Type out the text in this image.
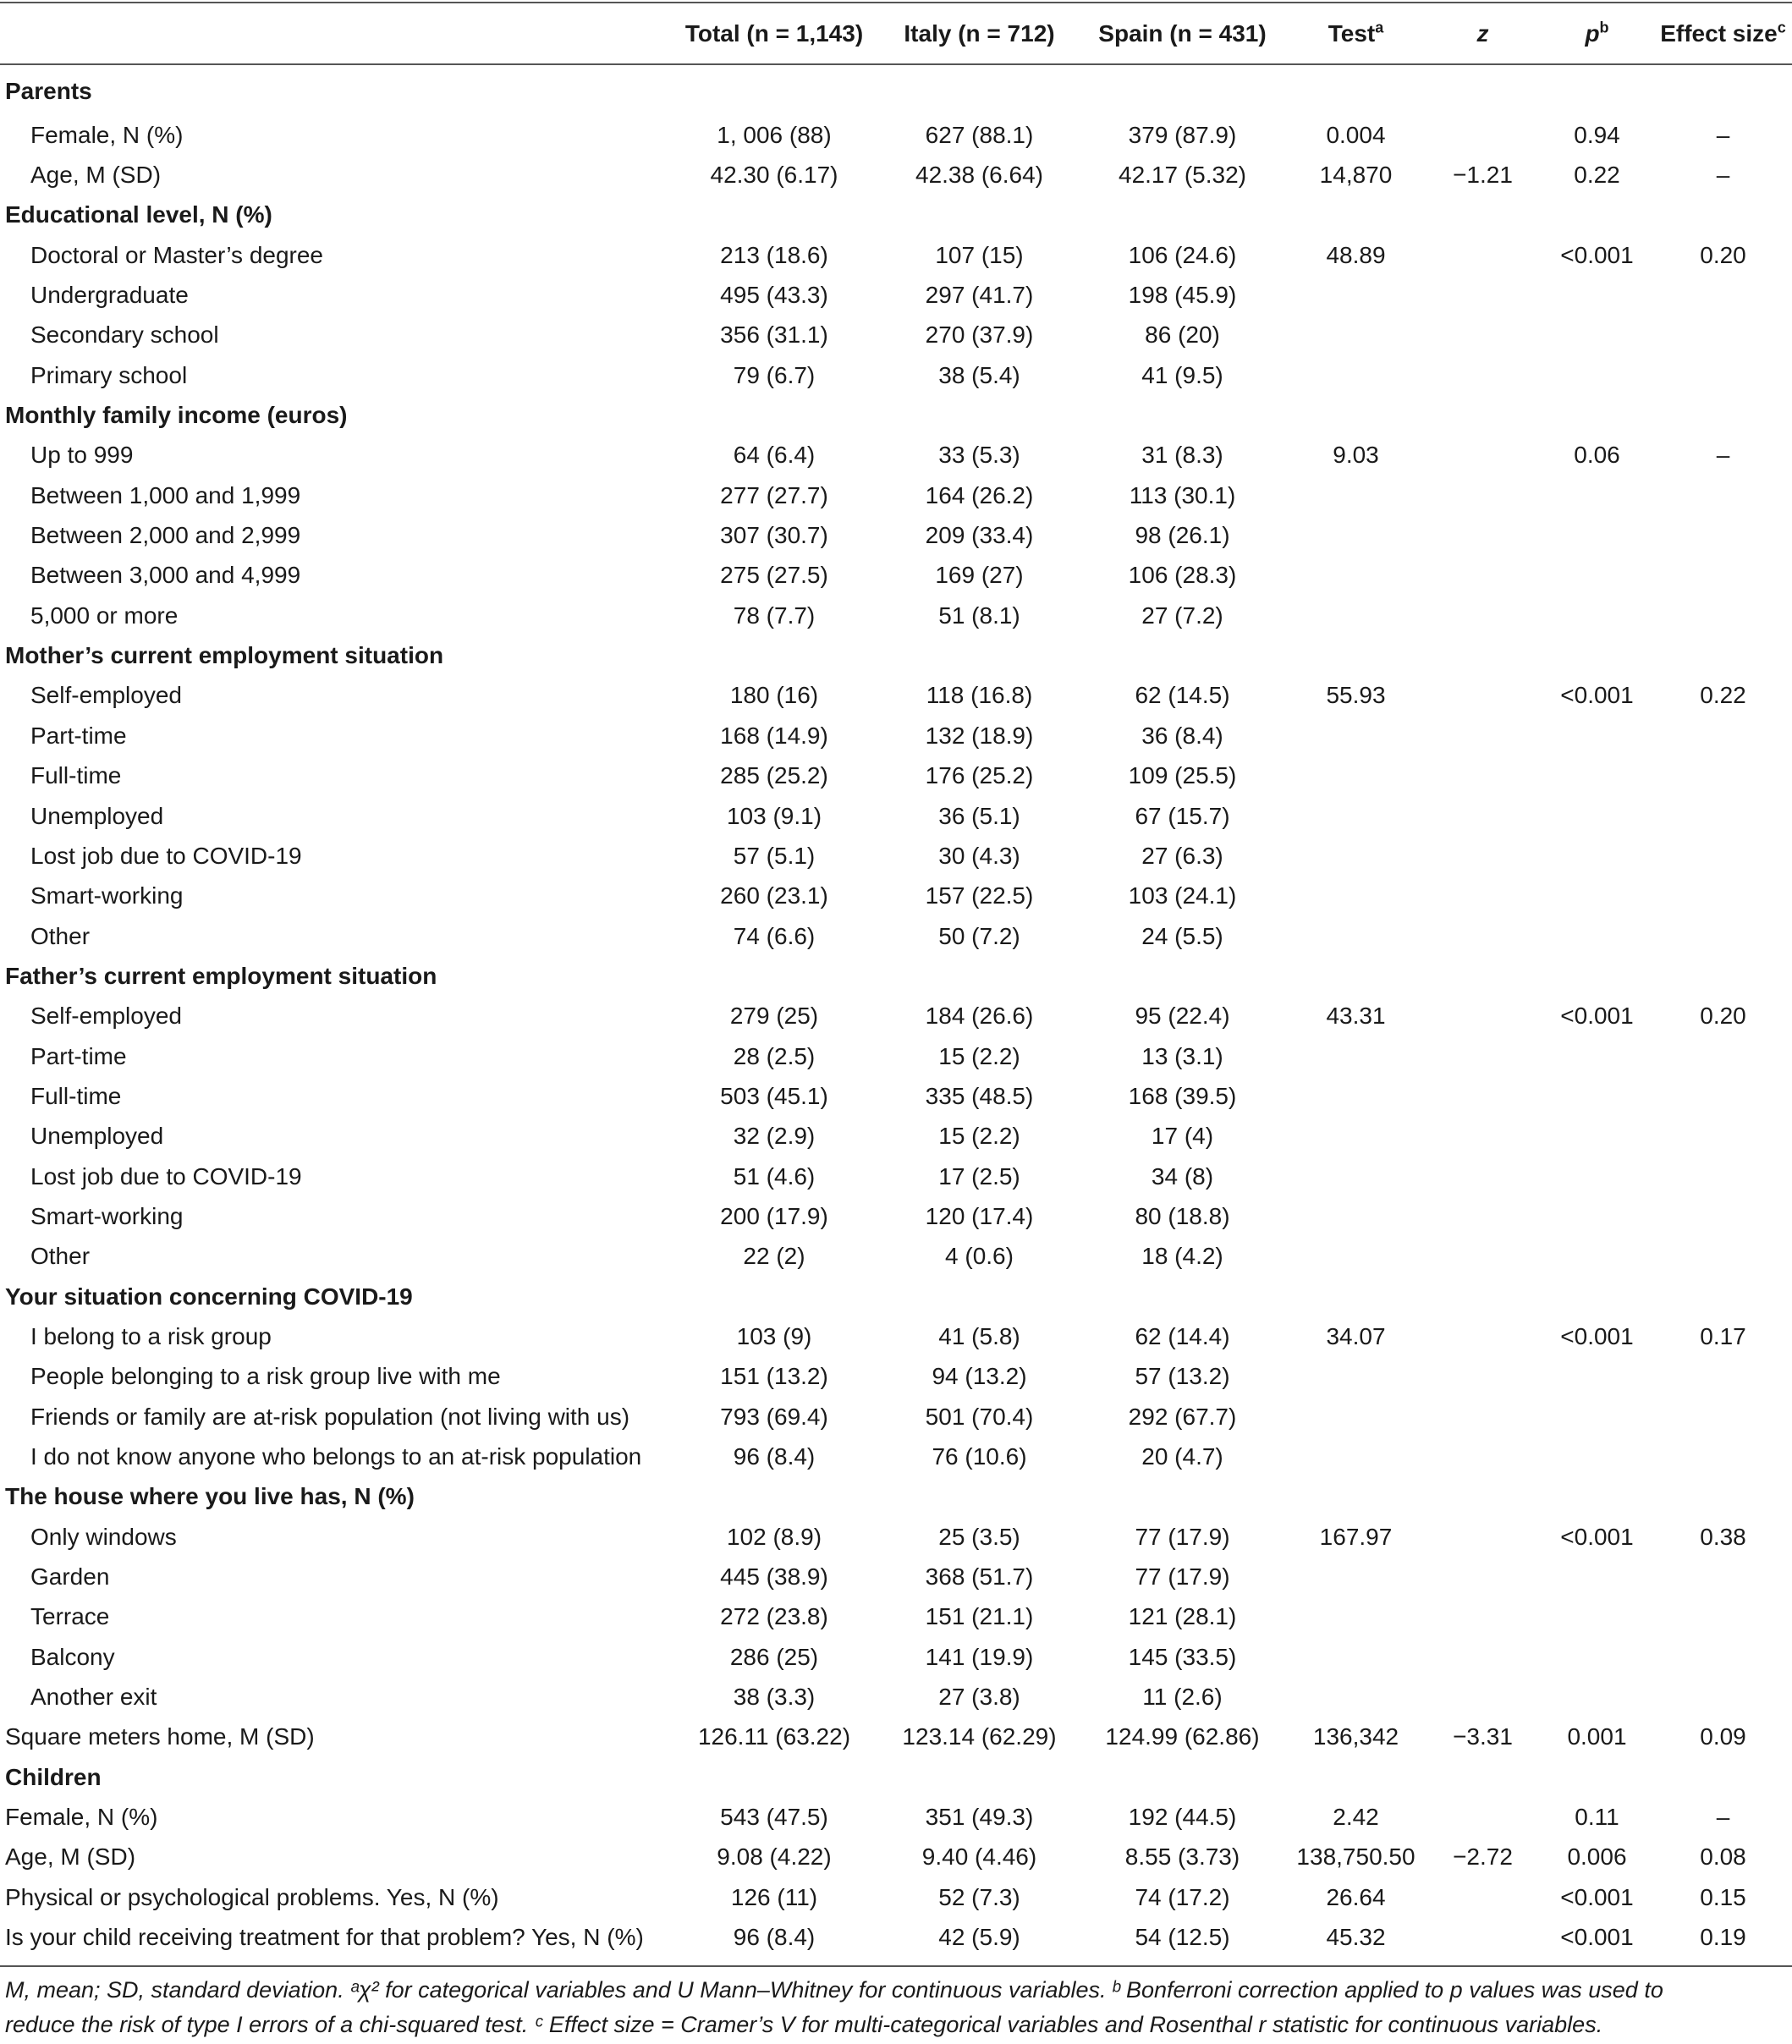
	Total (n = 1,143)	Italy (n = 712)	Spain (n = 431)	Test$^a$	z	$p^b$	Effect size$^c$
Parents							
Female, N (%)	1, 006 (88)	627 (88.1)	379 (87.9)	0.004		0.94	–
Age, M (SD)	42.30 (6.17)	42.38 (6.64)	42.17 (5.32)	14,870	−1.21	0.22	–
Educational level, N (%)							
Doctoral or Master’s degree	213 (18.6)	107 (15)	106 (24.6)	48.89		<0.001	0.20
Undergraduate	495 (43.3)	297 (41.7)	198 (45.9)				
Secondary school	356 (31.1)	270 (37.9)	86 (20)				
Primary school	79 (6.7)	38 (5.4)	41 (9.5)				
Monthly family income (euros)							
Up to 999	64 (6.4)	33 (5.3)	31 (8.3)	9.03		0.06	–
Between 1,000 and 1,999	277 (27.7)	164 (26.2)	113 (30.1)				
Between 2,000 and 2,999	307 (30.7)	209 (33.4)	98 (26.1)				
Between 3,000 and 4,999	275 (27.5)	169 (27)	106 (28.3)				
5,000 or more	78 (7.7)	51 (8.1)	27 (7.2)				
Mother’s current employment situation							
Self-employed	180 (16)	118 (16.8)	62 (14.5)	55.93		<0.001	0.22
Part-time	168 (14.9)	132 (18.9)	36 (8.4)				
Full-time	285 (25.2)	176 (25.2)	109 (25.5)				
Unemployed	103 (9.1)	36 (5.1)	67 (15.7)				
Lost job due to COVID-19	57 (5.1)	30 (4.3)	27 (6.3)				
Smart-working	260 (23.1)	157 (22.5)	103 (24.1)				
Other	74 (6.6)	50 (7.2)	24 (5.5)				
Father’s current employment situation							
Self-employed	279 (25)	184 (26.6)	95 (22.4)	43.31		<0.001	0.20
Part-time	28 (2.5)	15 (2.2)	13 (3.1)				
Full-time	503 (45.1)	335 (48.5)	168 (39.5)				
Unemployed	32 (2.9)	15 (2.2)	17 (4)				
Lost job due to COVID-19	51 (4.6)	17 (2.5)	34 (8)				
Smart-working	200 (17.9)	120 (17.4)	80 (18.8)				
Other	22 (2)	4 (0.6)	18 (4.2)				
Your situation concerning COVID-19							
I belong to a risk group	103 (9)	41 (5.8)	62 (14.4)	34.07		<0.001	0.17
People belonging to a risk group live with me	151 (13.2)	94 (13.2)	57 (13.2)				
Friends or family are at-risk population (not living with us)	793 (69.4)	501 (70.4)	292 (67.7)				
I do not know anyone who belongs to an at-risk population	96 (8.4)	76 (10.6)	20 (4.7)				
The house where you live has, N (%)							
Only windows	102 (8.9)	25 (3.5)	77 (17.9)	167.97		<0.001	0.38
Garden	445 (38.9)	368 (51.7)	77 (17.9)				
Terrace	272 (23.8)	151 (21.1)	121 (28.1)				
Balcony	286 (25)	141 (19.9)	145 (33.5)				
Another exit	38 (3.3)	27 (3.8)	11 (2.6)				
Square meters home, M (SD)	126.11 (63.22)	123.14 (62.29)	124.99 (62.86)	136,342	−3.31	0.001	0.09
Children							
Female, N (%)	543 (47.5)	351 (49.3)	192 (44.5)	2.42		0.11	–
Age, M (SD)	9.08 (4.22)	9.40 (4.46)	8.55 (3.73)	138,750.50	−2.72	0.006	0.08
Physical or psychological problems. Yes, N (%)	126 (11)	52 (7.3)	74 (17.2)	26.64		<0.001	0.15
Is your child receiving treatment for that problem? Yes, N (%)	96 (8.4)	42 (5.9)	54 (12.5)	45.32		<0.001	0.19

M, mean; SD, standard deviation. ᵃχ² for categorical variables and U Mann–Whitney for continuous variables. ᵇ Bonferroni correction applied to p values was used to

reduce the risk of type I errors of a chi-squared test. ᶜ Effect size = Cramer’s V for multi-categorical variables and Rosenthal r statistic for continuous variables.
